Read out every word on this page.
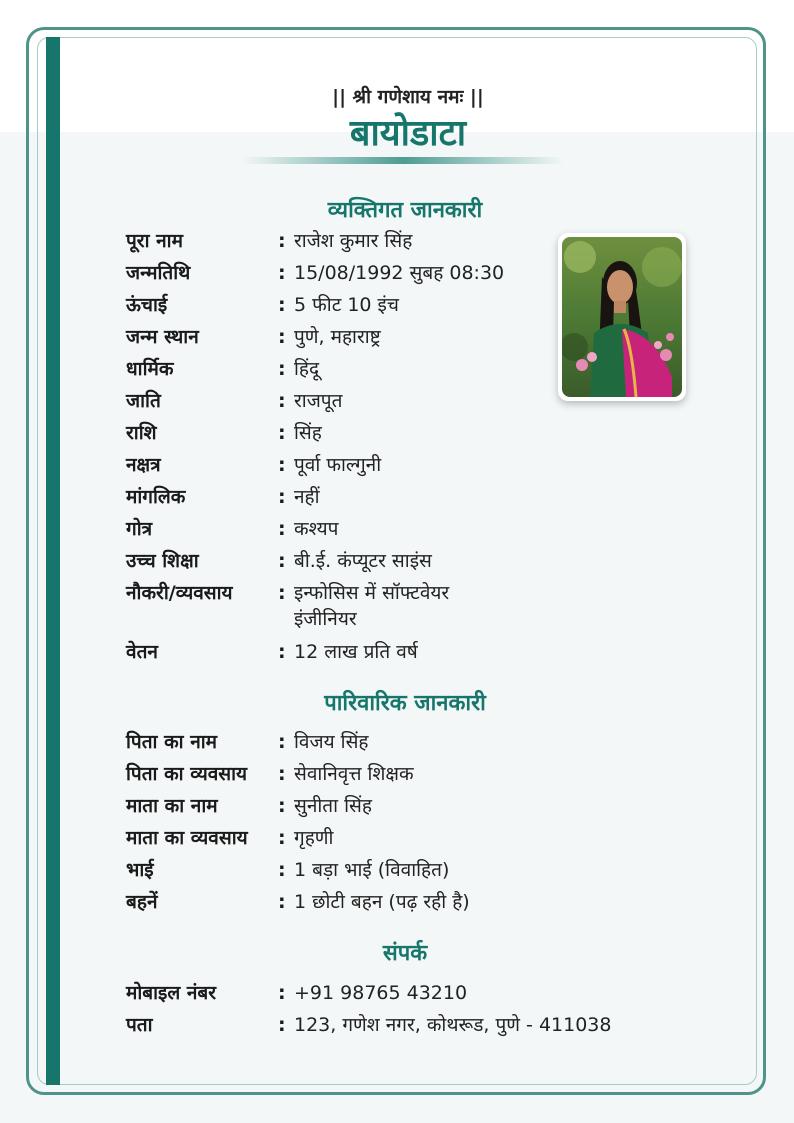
|| श्री गणेशाय नमः ||
बायोडाटा
व्यक्तिगत जानकारी
पूरा नाम	: राजेश कुमार सिंह
जन्मतिथि	: 15/08/1992 सुबह 08:30
ऊंचाई	: 5 फीट 10 इंच
जन्म स्थान	: पुणे, महाराष्ट्र
धार्मिक	: हिंदू
जाति	: राजपूत
राशि	: सिंह
नक्षत्र	: पूर्वा फाल्गुनी
मांगलिक	: नहीं
गोत्र	: कश्यप
उच्च शिक्षा	: बी.ई. कंप्यूटर साइंस
नौकरी/व्यवसाय	: इन्फोसिस में सॉफ्टवेयर इंजीनियर
वेतन	: 12 लाख प्रति वर्ष
पारिवारिक जानकारी
पिता का नाम	: विजय सिंह
पिता का व्यवसाय	: सेवानिवृत्त शिक्षक
माता का नाम	: सुनीता सिंह
माता का व्यवसाय	: गृहणी
भाई	: 1 बड़ा भाई (विवाहित)
बहनें	: 1 छोटी बहन (पढ़ रही है)
संपर्क
मोबाइल नंबर	: +91 98765 43210
पता	: 123, गणेश नगर, कोथरूड, पुणे - 411038
